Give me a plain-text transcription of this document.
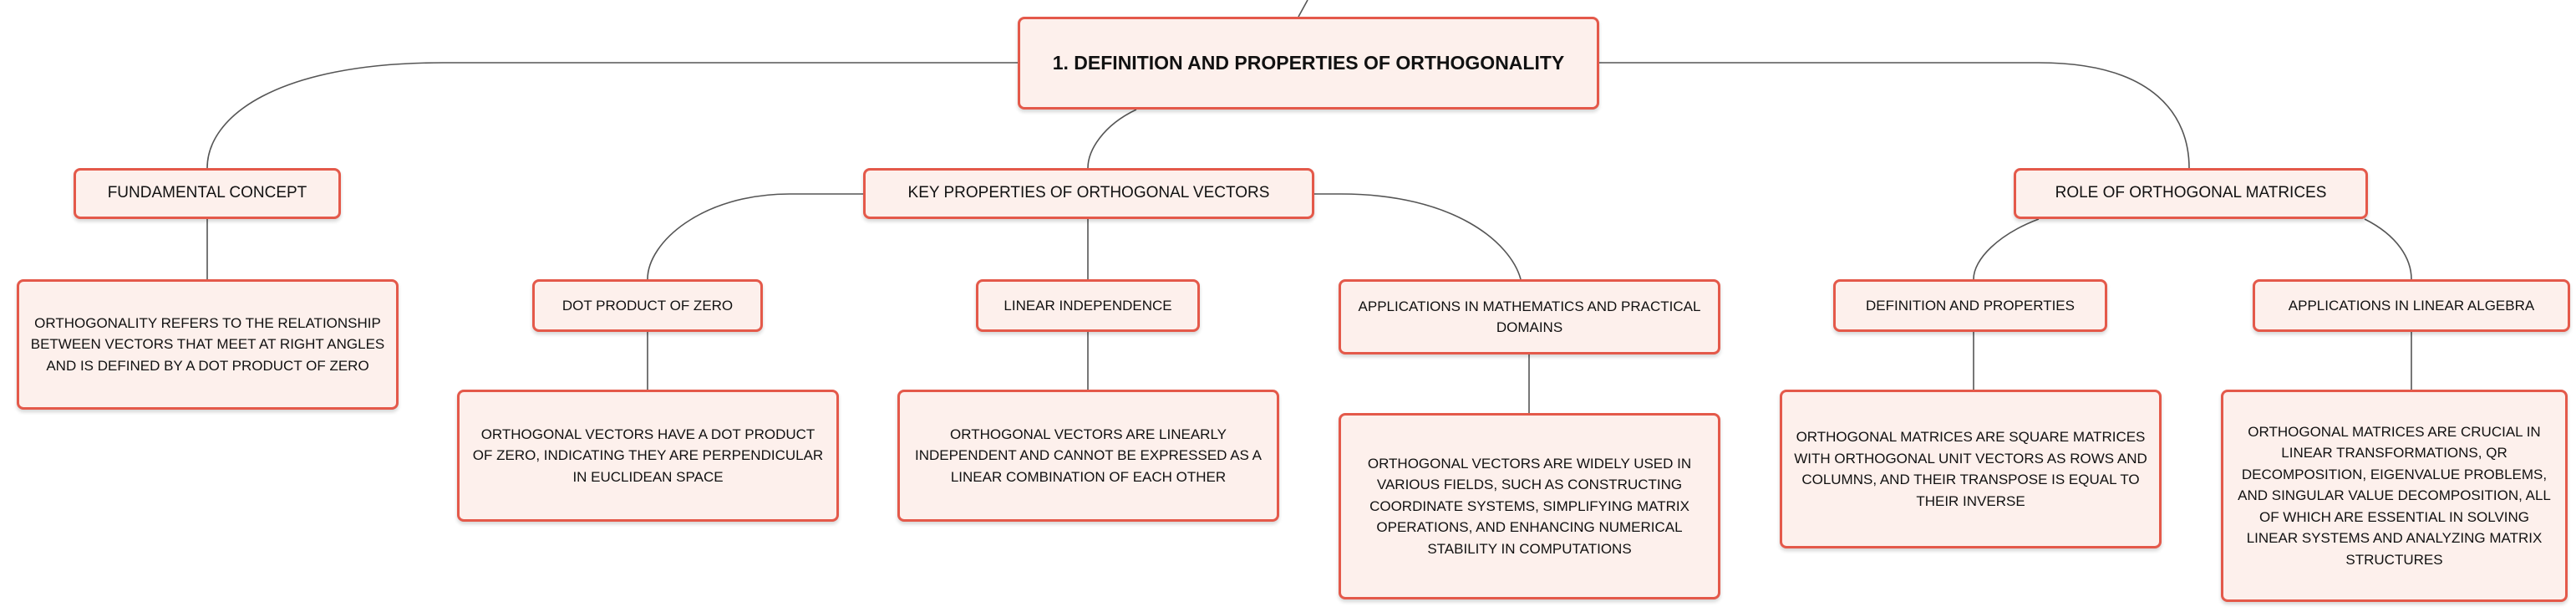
1. DEFINITION AND PROPERTIES OF ORTHOGONALITY
FUNDAMENTAL CONCEPT	KEY PROPERTIES OF ORTHOGONAL VECTORS	ROLE OF ORTHOGONAL MATRICES
ORTHOGONALITY REFERS TO THE RELATIONSHIP BETWEEN VECTORS THAT MEET AT RIGHT ANGLES AND IS DEFINED BY A DOT PRODUCT OF ZERO
DOT PRODUCT OF ZERO	LINEAR INDEPENDENCE	APPLICATIONS IN MATHEMATICS AND PRACTICAL DOMAINS
DEFINITION AND PROPERTIES	APPLICATIONS IN LINEAR ALGEBRA
ORTHOGONAL VECTORS HAVE A DOT PRODUCT OF ZERO, INDICATING THEY ARE PERPENDICULAR IN EUCLIDEAN SPACE
ORTHOGONAL VECTORS ARE LINEARLY INDEPENDENT AND CANNOT BE EXPRESSED AS A LINEAR COMBINATION OF EACH OTHER
ORTHOGONAL VECTORS ARE WIDELY USED IN VARIOUS FIELDS, SUCH AS CONSTRUCTING COORDINATE SYSTEMS, SIMPLIFYING MATRIX OPERATIONS, AND ENHANCING NUMERICAL STABILITY IN COMPUTATIONS
ORTHOGONAL MATRICES ARE SQUARE MATRICES WITH ORTHOGONAL UNIT VECTORS AS ROWS AND COLUMNS, AND THEIR TRANSPOSE IS EQUAL TO THEIR INVERSE
ORTHOGONAL MATRICES ARE CRUCIAL IN LINEAR TRANSFORMATIONS, QR DECOMPOSITION, EIGENVALUE PROBLEMS, AND SINGULAR VALUE DECOMPOSITION, ALL OF WHICH ARE ESSENTIAL IN SOLVING LINEAR SYSTEMS AND ANALYZING MATRIX STRUCTURES
